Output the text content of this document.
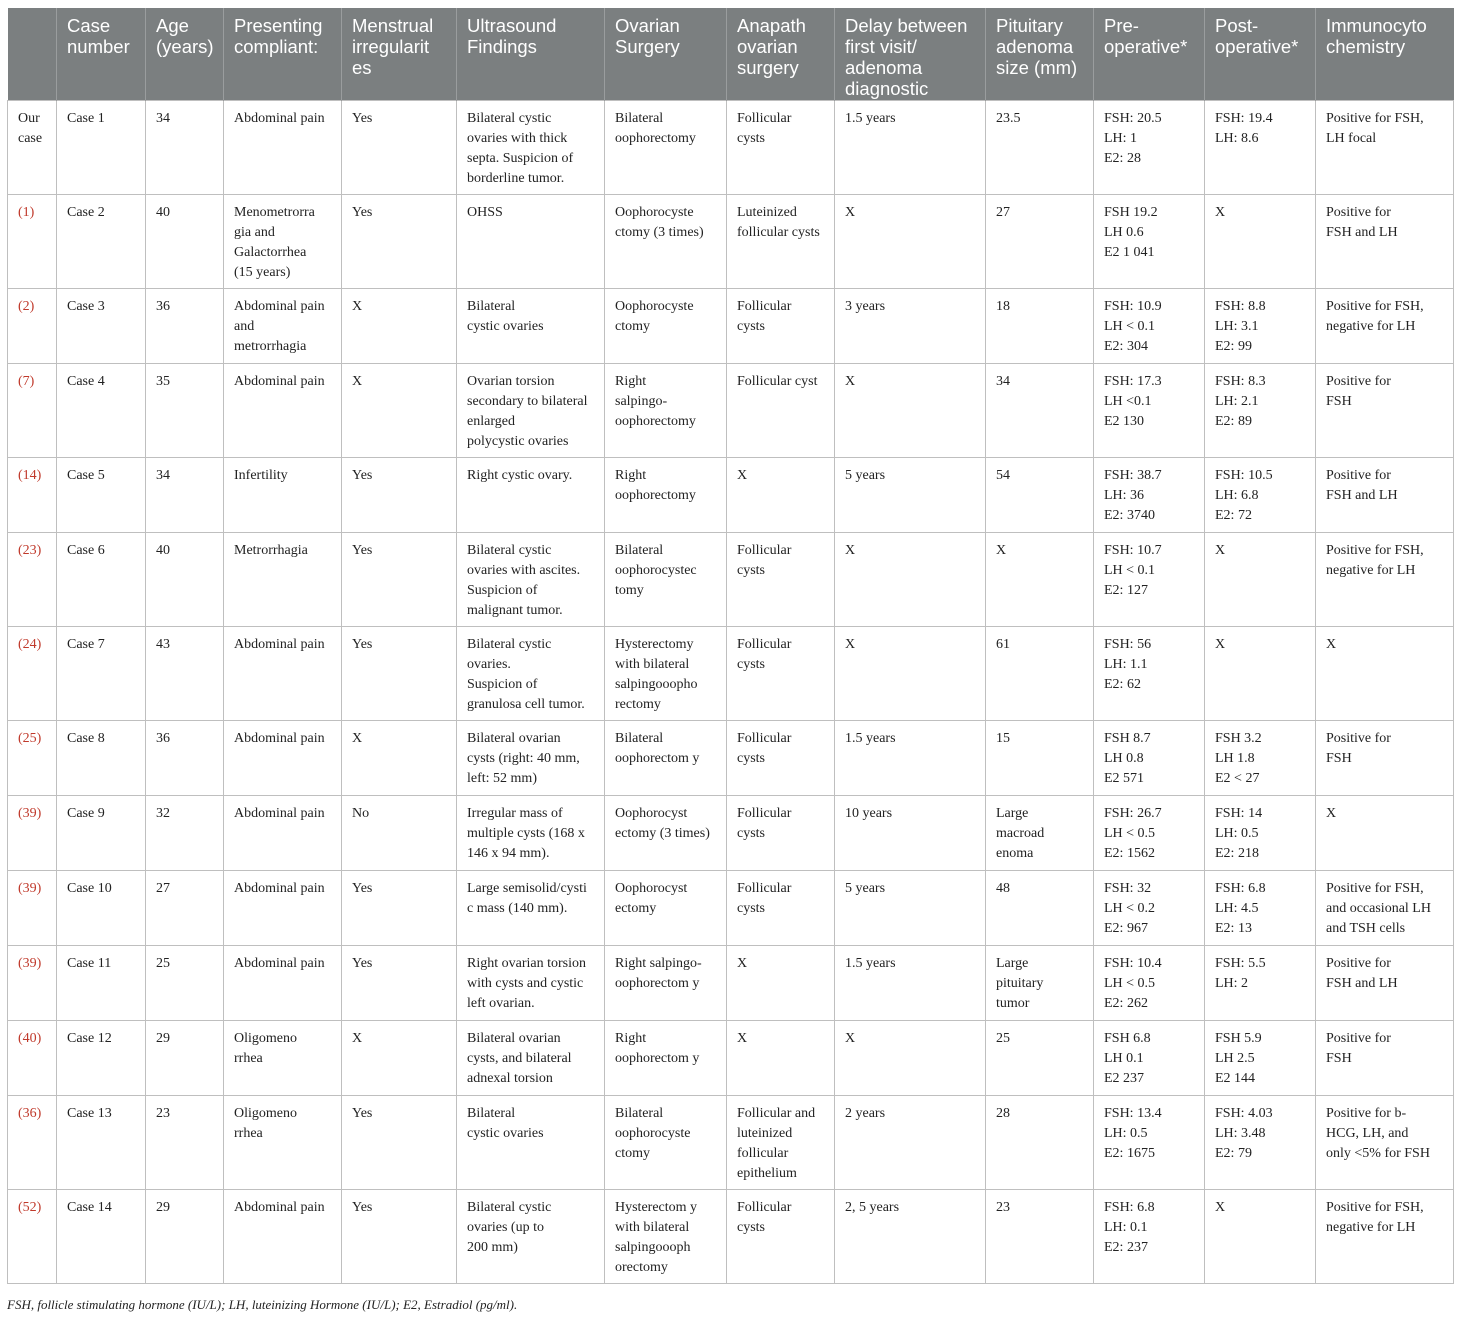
	Case
number	Age
(years)	Presenting
compliant:	Menstrual
irregularit
es	Ultrasound
Findings	Ovarian
Surgery	Anapath
ovarian
surgery	Delay between
first visit/
adenoma
diagnostic	Pituitary
adenoma
size (mm)	Pre-
operative*	Post-
operative*	Immunocyto
chemistry

Our
case	Case 1	34	Abdominal pain	Yes	Bilateral cystic
ovaries with thick
septa. Suspicion of
borderline tumor.	Bilateral
oophorectomy	Follicular
cysts	1.5 years	23.5	FSH: 20.5
LH: 1
E2: 28	FSH: 19.4
LH: 8.6	Positive for FSH,
LH focal

(1)	Case 2	40	Menometrorra
gia and
Galactorrhea
(15 years)	Yes	OHSS	Oophorocyste
ctomy (3 times)	Luteinized
follicular cysts	X	27	FSH 19.2
LH 0.6
E2 1 041	X	Positive for
FSH and LH

(2)	Case 3	36	Abdominal pain
and
metrorrhagia	X	Bilateral
cystic ovaries	Oophorocyste
ctomy	Follicular
cysts	3 years	18	FSH: 10.9
LH < 0.1
E2: 304	FSH: 8.8
LH: 3.1
E2: 99	Positive for FSH,
negative for LH

(7)	Case 4	35	Abdominal pain	X	Ovarian torsion
secondary to bilateral
enlarged
polycystic ovaries	Right
salpingo-
oophorectomy	Follicular cyst	X	34	FSH: 17.3
LH <0.1
E2 130	FSH: 8.3
LH: 2.1
E2: 89	Positive for
FSH

(14)	Case 5	34	Infertility	Yes	Right cystic ovary.	Right
oophorectomy	X	5 years	54	FSH: 38.7
LH: 36
E2: 3740	FSH: 10.5
LH: 6.8
E2: 72	Positive for
FSH and LH

(23)	Case 6	40	Metrorrhagia	Yes	Bilateral cystic
ovaries with ascites.
Suspicion of
malignant tumor.	Bilateral
oophorocystec
tomy	Follicular
cysts	X	X	FSH: 10.7
LH < 0.1
E2: 127	X	Positive for FSH,
negative for LH

(24)	Case 7	43	Abdominal pain	Yes	Bilateral cystic
ovaries.
Suspicion of
granulosa cell tumor.	Hysterectomy
with bilateral
salpingooopho
rectomy	Follicular
cysts	X	61	FSH: 56
LH: 1.1
E2: 62	X	X

(25)	Case 8	36	Abdominal pain	X	Bilateral ovarian
cysts (right: 40 mm,
left: 52 mm)	Bilateral
oophorectom y	Follicular
cysts	1.5 years	15	FSH 8.7
LH 0.8
E2 571	FSH 3.2
LH 1.8
E2 < 27	Positive for
FSH

(39)	Case 9	32	Abdominal pain	No	Irregular mass of
multiple cysts (168 x
146 x 94 mm).	Oophorocyst
ectomy (3 times)	Follicular
cysts	10 years	Large
macroad
enoma	FSH: 26.7
LH < 0.5
E2: 1562	FSH: 14
LH: 0.5
E2: 218	X

(39)	Case 10	27	Abdominal pain	Yes	Large semisolid/cysti
c mass (140 mm).	Oophorocyst
ectomy	Follicular
cysts	5 years	48	FSH: 32
LH < 0.2
E2: 967	FSH: 6.8
LH: 4.5
E2: 13	Positive for FSH,
and occasional LH
and TSH cells

(39)	Case 11	25	Abdominal pain	Yes	Right ovarian torsion
with cysts and cystic
left ovarian.	Right salpingo-
oophorectom y	X	1.5 years	Large
pituitary
tumor	FSH: 10.4
LH < 0.5
E2: 262	FSH: 5.5
LH: 2	Positive for
FSH and LH

(40)	Case 12	29	Oligomeno
rrhea	X	Bilateral ovarian
cysts, and bilateral
adnexal torsion	Right
oophorectom y	X	X	25	FSH 6.8
LH 0.1
E2 237	FSH 5.9
LH 2.5
E2 144	Positive for
FSH

(36)	Case 13	23	Oligomeno
rrhea	Yes	Bilateral
cystic ovaries	Bilateral
oophorocyste
ctomy	Follicular and
luteinized
follicular
epithelium	2 years	28	FSH: 13.4
LH: 0.5
E2: 1675	FSH: 4.03
LH: 3.48
E2: 79	Positive for b-
HCG, LH, and
only <5% for FSH

(52)	Case 14	29	Abdominal pain	Yes	Bilateral cystic
ovaries (up to
200 mm)	Hysterectom y
with bilateral
salpingoooph
orectomy	Follicular
cysts	2, 5 years	23	FSH: 6.8
LH: 0.1
E2: 237	X	Positive for FSH,
negative for LH
FSH, follicle stimulating hormone (IU/L); LH, luteinizing Hormone (IU/L); E2, Estradiol (pg/ml).
